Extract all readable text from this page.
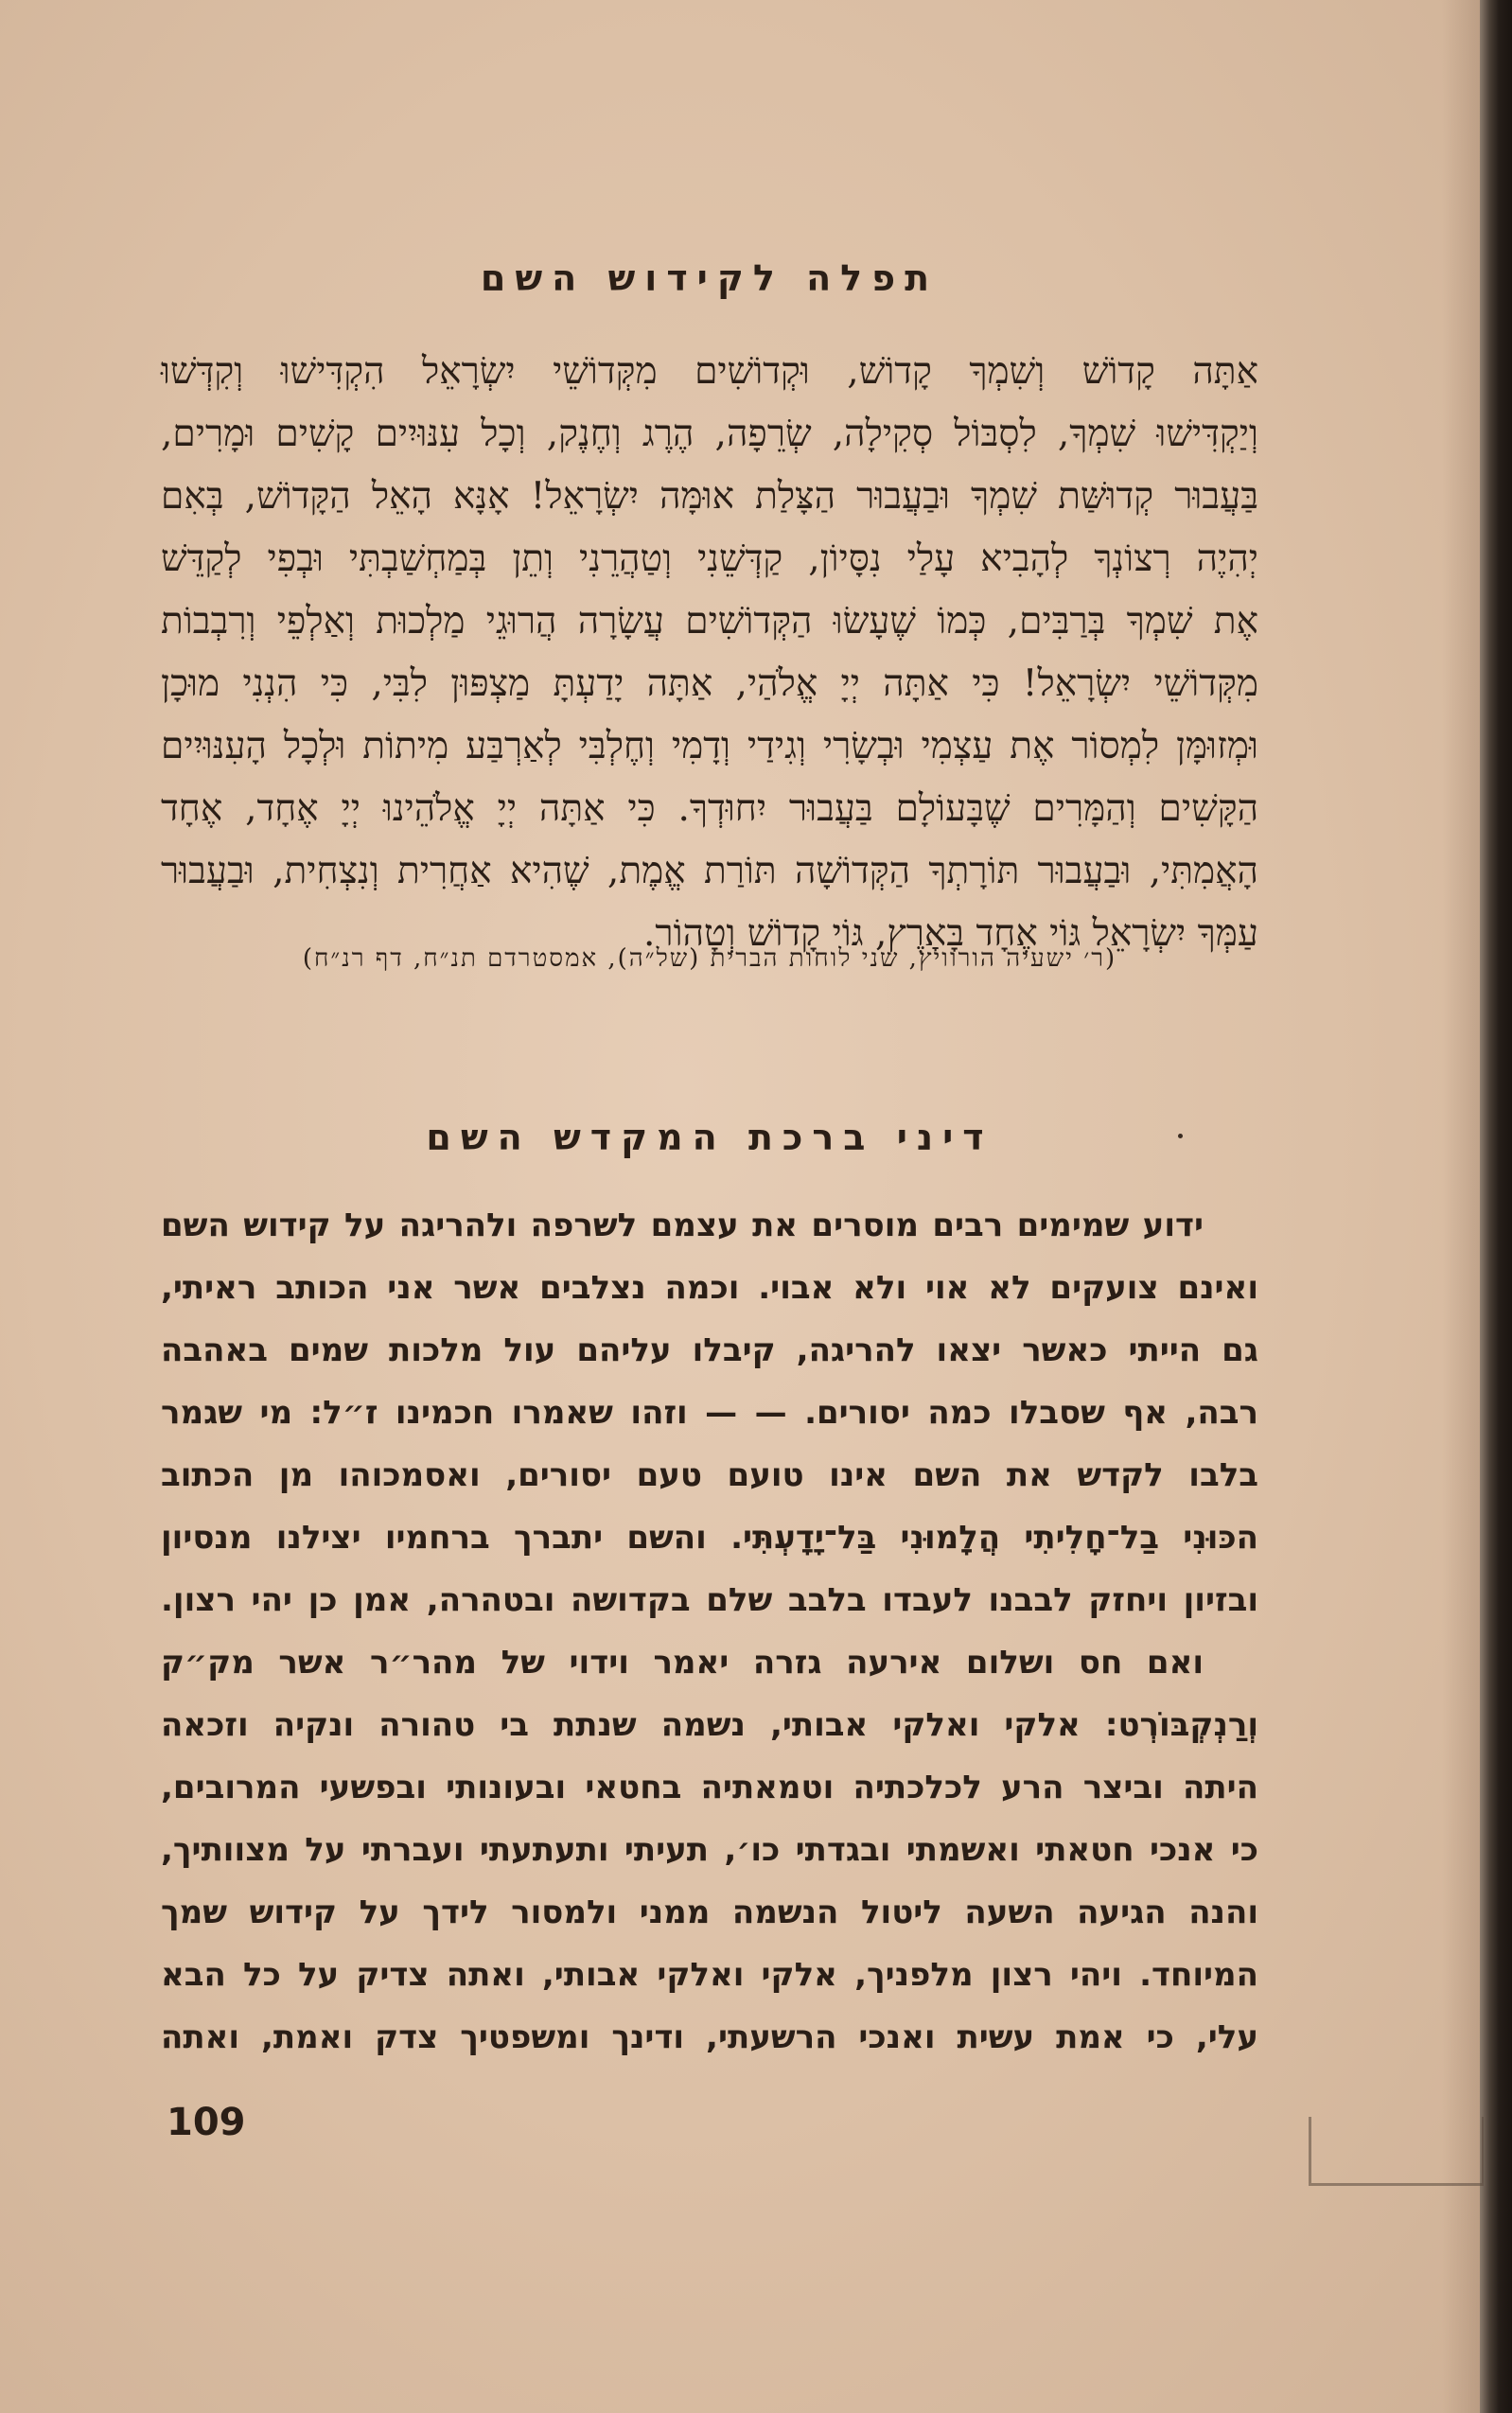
תפלה לקידוש השם
אַתָּה קָדוֹשׁ וְשִׁמְךָ קָדוֹשׁ, וּקְדוֹשִׁים מִקְּדוֹשֵׁי יִשְׂרָאֵל הִקְדִּישׁוּ וְקִדְּשׁוּ
וְיַקְדִּישׁוּ שִׁמְךָ, לִסְבּוֹל סְקִילָה, שְׂרֵפָה, הֶרֶג וְחֶנֶק, וְכָל עִנּוּיִים קָשִׁים וּמָרִים,
בַּעֲבוּר קְדוּשַּׁת שִׁמְךָ וּבַעֲבוּר הַצָּלַת אוּמָּה יִשְׂרָאֵל! אָנָּא הָאֵל הַקָּדוֹשׁ, בְּאִם
יְהִיֶה רְצוֹנְךָ לְהָבִיא עָלַי נִסָּיוֹן, קַדְּשֵׁנִי וְטַהֲרֵנִי וְתֵן בְּמַחְשַׁבְתִּי וּבְפִי לְקַדֵּשׁ
אֶת שִׁמְךָ בְּרַבִּים, כְּמוֹ שֶׁעָשׂוּ הַקְּדוֹשִׁים עֲשָׂרָה הֲרוּגֵי מַלְכוּת וְאַלְפֵי וְרִבְבוֹת
מִקְּדוֹשֵׁי יִשְׂרָאֵל! כִּי אַתָּה יְיָ אֱלֹהַי, אַתָּה יָדַעְתָּ מַצְפּוּן לִבִּי, כִּי הִנְנִי מוּכָן
וּמְזוּמָּן לִמְסוֹר אֶת עַצְמִי וּבְשָׂרִי וְגִידַי וְדָמִי וְחֶלְבִּי לְאַרְבַּע מִיתוֹת וּלְכָל הָעִנּוּיִים
הַקָּשִׁים וְהַמָּרִים שֶׁבָּעוֹלָם בַּעֲבוּר יִחוּדְךָ. כִּי אַתָּה יְיָ אֱלֹהֵינוּ יְיָ אֶחָד, אֶחָד
הָאֲמִתִּי, וּבַעֲבוּר תּוֹרָתְךָ הַקְּדוֹשָׁה תּוֹרַת אֱמֶת, שֶׁהִיא אַחֲרִית וְנִצְחִית, וּבַעֲבוּר
עַמְּךָ יִשְׂרָאֵל גּוֹי אֶחָד בָּאָרֶץ, גּוֹי קָדוֹשׁ וְטָהוֹר.
(ר׳ ישעיה הורוויץ, שני לוחות הברית (של״ה), אמסטרדם תנ״ח, דף רנ״ח)
דיני ברכת המקדש השם
ידוע שמימים רבים מוסרים את עצמם לשרפה ולהריגה על קידוש השם
ואינם צועקים לא אוי ולא אבוי. וכמה נצלבים אשר אני הכותב ראיתי,
גם הייתי כאשר יצאו להריגה, קיבלו עליהם עול מלכות שמים באהבה
רבה, אף שסבלו כמה יסורים. — — וזהו שאמרו חכמינו ז״ל: מי שגמר
בלבו לקדש את השם אינו טועם טעם יסורים, ואסמכוהו מן הכתוב
הכּוּנִי בַל־חָלִיתִי הֲלָמוּנִי בַּל־יָדָעְתִּי. והשם יתברך ברחמיו יצילנו מנסיון
ובזיון ויחזק לבבנו לעבדו בלבב שלם בקדושה ובטהרה, אמן כן יהי רצון.
ואם חס ושלום אירעה גזרה יאמר וידוי של מהר״ר אשר מק״ק
וְרַנְקְבּוֹרְט: אלקי ואלקי אבותי, נשמה שנתת בי טהורה ונקיה וזכאה
היתה וביצר הרע לכלכתיה וטמאתיה בחטאי ובעונותי ובפשעי המרובים,
כי אנכי חטאתי ואשמתי ובגדתי כו׳, תעיתי ותעתעתי ועברתי על מצוותיך,
והנה הגיעה השעה ליטול הנשמה ממני ולמסור לידך על קידוש שמך
המיוחד. ויהי רצון מלפניך, אלקי ואלקי אבותי, ואתה צדיק על כל הבא
עלי, כי אמת עשית ואנכי הרשעתי, ודינך ומשפטיך צדק ואמת, ואתה
109
